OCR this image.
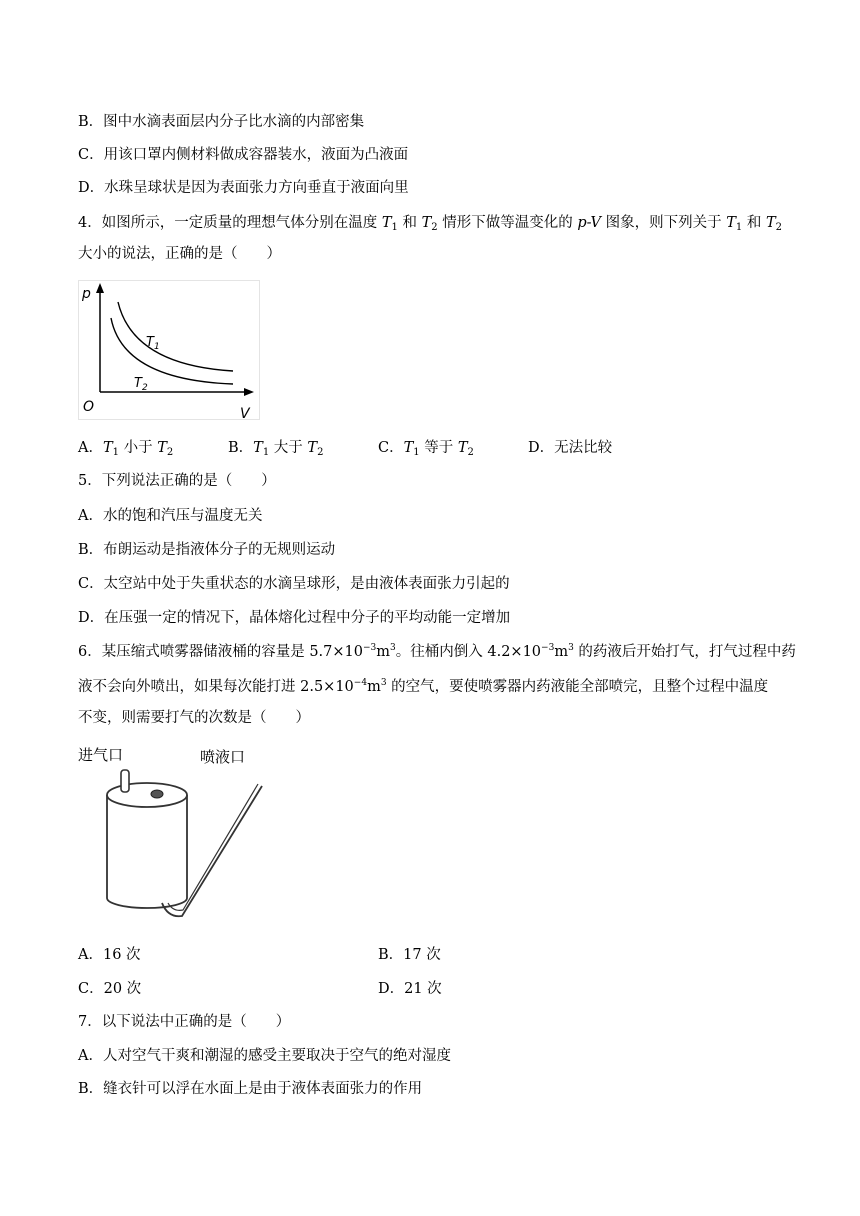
B．图中水滴表面层内分子比水滴的内部密集
C．用该口罩内侧材料做成容器装水，液面为凸液面
D．水珠呈球状是因为表面张力方向垂直于液面向里
4．如图所示，一定质量的理想气体分别在温度 $T_1$ 和 $T_2$ 情形下做等温变化的 p-V 图象，则下列关于 $T_1$ 和 $T_2$
大小的说法，正确的是（　　）
p
V
O
$T_1$
$T_2$
A．$T_1$ 小于 $T_2$	B．$T_1$ 大于 $T_2$	C．$T_1$ 等于 $T_2$	D．无法比较
5．下列说法正确的是（　　）
A．水的饱和汽压与温度无关
B．布朗运动是指液体分子的无规则运动
C．太空站中处于失重状态的水滴呈球形，是由液体表面张力引起的
D．在压强一定的情况下，晶体熔化过程中分子的平均动能一定增加
6．某压缩式喷雾器储液桶的容量是 $5.7\times 10^{-3}m^3$。往桶内倒入 $4.2\times 10^{-3}m^3$ 的药液后开始打气，打气过程中药
液不会向外喷出，如果每次能打进 $2.5\times 10^{-4}m^3$ 的空气，要使喷雾器内药液能全部喷完，且整个过程中温度
不变，则需要打气的次数是（　　）
进气口	喷液口
A．16 次	B．17 次
C．20 次	D．21 次
7．以下说法中正确的是（　　）
A．人对空气干爽和潮湿的感受主要取决于空气的绝对湿度
B．缝衣针可以浮在水面上是由于液体表面张力的作用
